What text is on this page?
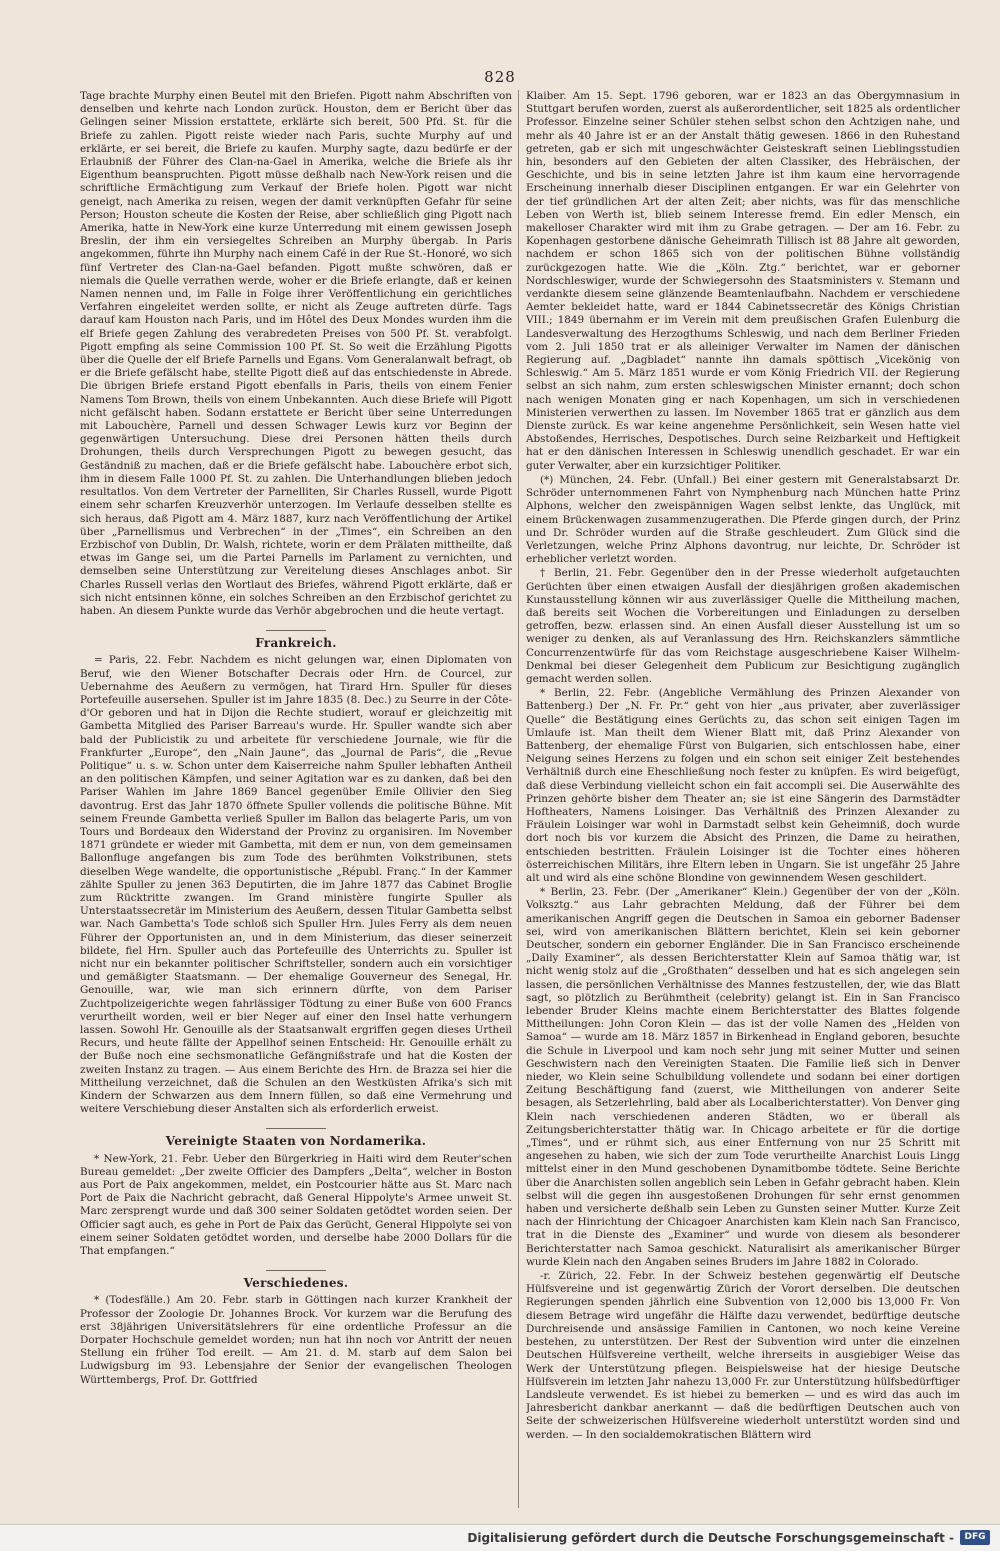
828

Tage brachte Murphy einen Beutel mit den Briefen. Pigott nahm Abschriften von denselben und kehrte nach London zurück. Houston, dem er Bericht über das Gelingen seiner Mission erstattete, erklärte sich bereit, 500 Pfd. St. für die Briefe zu zahlen. Pigott reiste wieder nach Paris, suchte Murphy auf und erklärte, er sei bereit, die Briefe zu kaufen. Murphy sagte, dazu bedürfe er der Erlaubniß der Führer des Clan-na-Gael in Amerika, welche die Briefe als ihr Eigenthum beanspruchten. Pigott müsse deßhalb nach New-York reisen und die schriftliche Ermächtigung zum Verkauf der Briefe holen. Pigott war nicht geneigt, nach Amerika zu reisen, wegen der damit verknüpften Gefahr für seine Person; Houston scheute die Kosten der Reise, aber schließlich ging Pigott nach Amerika, hatte in New-York eine kurze Unterredung mit einem gewissen Joseph Breslin, der ihm ein versiegeltes Schreiben an Murphy übergab. In Paris angekommen, führte ihn Murphy nach einem Café in der Rue St.-Honoré, wo sich fünf Vertreter des Clan-na-Gael befanden. Pigott mußte schwören, daß er niemals die Quelle verrathen werde, woher er die Briefe erlangte, daß er keinen Namen nennen und, im Falle in Folge ihrer Veröffentlichung ein gerichtliches Verfahren eingeleitet werden sollte, er nicht als Zeuge auftreten dürfe. Tags darauf kam Houston nach Paris, und im Hôtel des Deux Mondes wurden ihm die elf Briefe gegen Zahlung des verabredeten Preises von 500 Pf. St. verabfolgt. Pigott empfing als seine Commission 100 Pf. St. So weit die Erzählung Pigotts über die Quelle der elf Briefe Parnells und Egans. Vom Generalanwalt befragt, ob er die Briefe gefälscht habe, stellte Pigott dieß auf das entschiedenste in Abrede. Die übrigen Briefe erstand Pigott ebenfalls in Paris, theils von einem Fenier Namens Tom Brown, theils von einem Unbekannten. Auch diese Briefe will Pigott nicht gefälscht haben. Sodann erstattete er Bericht über seine Unterredungen mit Labouchère, Parnell und dessen Schwager Lewis kurz vor Beginn der gegenwärtigen Untersuchung. Diese drei Personen hätten theils durch Drohungen, theils durch Versprechungen Pigott zu bewegen gesucht, das Geständniß zu machen, daß er die Briefe gefälscht habe. Labouchère erbot sich, ihm in diesem Falle 1000 Pf. St. zu zahlen. Die Unterhandlungen blieben jedoch resultatlos. Von dem Vertreter der Parnelliten, Sir Charles Russell, wurde Pigott einem sehr scharfen Kreuzverhör unterzogen. Im Verlaufe desselben stellte es sich heraus, daß Pigott am 4. März 1887, kurz nach Veröffentlichung der Artikel über „Parnellismus und Verbrechen“ in der „Times“, ein Schreiben an den Erzbischof von Dublin, Dr. Walsh, richtete, worin er dem Prälaten mittheilte, daß etwas im Gange sei, um die Partei Parnells im Parlament zu vernichten, und demselben seine Unterstützung zur Vereitelung dieses Anschlages anbot. Sir Charles Russell verlas den Wortlaut des Briefes, während Pigott erklärte, daß er sich nicht entsinnen könne, ein solches Schreiben an den Erzbischof gerichtet zu haben. An diesem Punkte wurde das Verhör abgebrochen und die heute vertagt.

Frankreich.

= Paris, 22. Febr. Nachdem es nicht gelungen war, einen Diplomaten von Beruf, wie den Wiener Botschafter Decrais oder Hrn. de Courcel, zur Uebernahme des Aeußern zu vermögen, hat Tirard Hrn. Spuller für dieses Portefeuille ausersehen. Spuller ist im Jahre 1835 (8. Dec.) zu Seurre in der Côte-d'Or geboren und hat in Dijon die Rechte studiert, worauf er gleichzeitig mit Gambetta Mitglied des Pariser Barreau's wurde. Hr. Spuller wandte sich aber bald der Publicistik zu und arbeitete für verschiedene Journale, wie für die Frankfurter „Europe“, den „Nain Jaune“, das „Journal de Paris“, die „Revue Politique“ u. s. w. Schon unter dem Kaiserreiche nahm Spuller lebhaften Antheil an den politischen Kämpfen, und seiner Agitation war es zu danken, daß bei den Pariser Wahlen im Jahre 1869 Bancel gegenüber Emile Ollivier den Sieg davontrug. Erst das Jahr 1870 öffnete Spuller vollends die politische Bühne. Mit seinem Freunde Gambetta verließ Spuller im Ballon das belagerte Paris, um von Tours und Bordeaux den Widerstand der Provinz zu organisiren. Im November 1871 gründete er wieder mit Gambetta, mit dem er nun, von dem gemeinsamen Ballonfluge angefangen bis zum Tode des berühmten Volkstribunen, stets dieselben Wege wandelte, die opportunistische „Républ. Franç.“ In der Kammer zählte Spuller zu jenen 363 Deputirten, die im Jahre 1877 das Cabinet Broglie zum Rücktritte zwangen. Im Grand ministère fungirte Spuller als Unterstaatssecretär im Ministerium des Aeußern, dessen Titular Gambetta selbst war. Nach Gambetta's Tode schloß sich Spuller Hrn. Jules Ferry als dem neuen Führer der Opportunisten an, und in dem Ministerium, das dieser seinerzeit bildete, fiel Hrn. Spuller auch das Portefeuille des Unterrichts zu. Spuller ist nicht nur ein bekannter politischer Schriftsteller, sondern auch ein vorsichtiger und gemäßigter Staatsmann. — Der ehemalige Gouverneur des Senegal, Hr. Genouille, war, wie man sich erinnern dürfte, von dem Pariser Zuchtpolizeigerichte wegen fahrlässiger Tödtung zu einer Buße von 600 Francs verurtheilt worden, weil er bier Neger auf einer den Insel hatte verhungern lassen. Sowohl Hr. Genouille als der Staatsanwalt ergriffen gegen dieses Urtheil Recurs, und heute fällte der Appellhof seinen Entscheid: Hr. Genouille erhält zu der Buße noch eine sechsmonatliche Gefängnißstrafe und hat die Kosten der zweiten Instanz zu tragen. — Aus einem Berichte des Hrn. de Brazza sei hier die Mittheilung verzeichnet, daß die Schulen an den Westküsten Afrika's sich mit Kindern der Schwarzen aus dem Innern füllen, so daß eine Vermehrung und weitere Verschiebung dieser Anstalten sich als erforderlich erweist.

Vereinigte Staaten von Nordamerika.

* New-York, 21. Febr. Ueber den Bürgerkrieg in Haiti wird dem Reuter'schen Bureau gemeldet: „Der zweite Officier des Dampfers „Delta“, welcher in Boston aus Port de Paix angekommen, meldet, ein Postcourier hätte aus St. Marc nach Port de Paix die Nachricht gebracht, daß General Hippolyte's Armee unweit St. Marc zersprengt wurde und daß 300 seiner Soldaten getödtet worden seien. Der Officier sagt auch, es gehe in Port de Paix das Gerücht, General Hippolyte sei von einem seiner Soldaten getödtet worden, und derselbe habe 2000 Dollars für die That empfangen.“

Verschiedenes.

* (Todesfälle.) Am 20. Febr. starb in Göttingen nach kurzer Krankheit der Professor der Zoologie Dr. Johannes Brock. Vor kurzem war die Berufung des erst 38jährigen Universitätslehrers für eine ordentliche Professur an die Dorpater Hochschule gemeldet worden; nun hat ihn noch vor Antritt der neuen Stellung ein früher Tod ereilt. — Am 21. d. M. starb auf dem Salon bei Ludwigsburg im 93. Lebensjahre der Senior der evangelischen Theologen Württembergs, Prof. Dr. Gottfried

Klaiber. Am 15. Sept. 1796 geboren, war er 1823 an das Obergymnasium in Stuttgart berufen worden, zuerst als außerordentlicher, seit 1825 als ordentlicher Professor. Einzelne seiner Schüler stehen selbst schon den Achtzigen nahe, und mehr als 40 Jahre ist er an der Anstalt thätig gewesen. 1866 in den Ruhestand getreten, gab er sich mit ungeschwächter Geisteskraft seinen Lieblingsstudien hin, besonders auf den Gebieten der alten Classiker, des Hebräischen, der Geschichte, und bis in seine letzten Jahre ist ihm kaum eine hervorragende Erscheinung innerhalb dieser Disciplinen entgangen. Er war ein Gelehrter von der tief gründlichen Art der alten Zeit; aber nichts, was für das menschliche Leben von Werth ist, blieb seinem Interesse fremd. Ein edler Mensch, ein makelloser Charakter wird mit ihm zu Grabe getragen. — Der am 16. Febr. zu Kopenhagen gestorbene dänische Geheimrath Tillisch ist 88 Jahre alt geworden, nachdem er schon 1865 sich von der politischen Bühne vollständig zurückgezogen hatte. Wie die „Köln. Ztg.“ berichtet, war er geborner Nordschleswiger, wurde der Schwiegersohn des Staatsministers v. Stemann und verdankte diesem seine glänzende Beamtenlaufbahn. Nachdem er verschiedene Aemter bekleidet hatte, ward er 1844 Cabinetssecretär des Königs Christian VIII.; 1849 übernahm er im Verein mit dem preußischen Grafen Eulenburg die Landesverwaltung des Herzogthums Schleswig, und nach dem Berliner Frieden vom 2. Juli 1850 trat er als alleiniger Verwalter im Namen der dänischen Regierung auf. „Dagbladet“ nannte ihn damals spöttisch „Vicekönig von Schleswig.“ Am 5. März 1851 wurde er vom König Friedrich VII. der Regierung selbst an sich nahm, zum ersten schleswigschen Minister ernannt; doch schon nach wenigen Monaten ging er nach Kopenhagen, um sich in verschiedenen Ministerien verwerthen zu lassen. Im November 1865 trat er gänzlich aus dem Dienste zurück. Es war keine angenehme Persönlichkeit, sein Wesen hatte viel Abstoßendes, Herrisches, Despotisches. Durch seine Reizbarkeit und Heftigkeit hat er den dänischen Interessen in Schleswig unendlich geschadet. Er war ein guter Verwalter, aber ein kurzsichtiger Politiker.

(*) München, 24. Febr. (Unfall.) Bei einer gestern mit Generalstabsarzt Dr. Schröder unternommenen Fahrt von Nymphenburg nach München hatte Prinz Alphons, welcher den zweispännigen Wagen selbst lenkte, das Unglück, mit einem Brückenwagen zusammenzugerathen. Die Pferde gingen durch, der Prinz und Dr. Schröder wurden auf die Straße geschleudert. Zum Glück sind die Verletzungen, welche Prinz Alphons davontrug, nur leichte, Dr. Schröder ist erheblicher verletzt worden.

† Berlin, 21. Febr. Gegenüber den in der Presse wiederholt aufgetauchten Gerüchten über einen etwaigen Ausfall der diesjährigen großen akademischen Kunstausstellung können wir aus zuverlässiger Quelle die Mittheilung machen, daß bereits seit Wochen die Vorbereitungen und Einladungen zu derselben getroffen, bezw. erlassen sind. An einen Ausfall dieser Ausstellung ist um so weniger zu denken, als auf Veranlassung des Hrn. Reichskanzlers sämmtliche Concurrenzentwürfe für das vom Reichstage ausgeschriebene Kaiser Wilhelm-Denkmal bei dieser Gelegenheit dem Publicum zur Besichtigung zugänglich gemacht werden sollen.

* Berlin, 22. Febr. (Angebliche Vermählung des Prinzen Alexander von Battenberg.) Der „N. Fr. Pr.“ geht von hier „aus privater, aber zuverlässiger Quelle“ die Bestätigung eines Gerüchts zu, das schon seit einigen Tagen im Umlaufe ist. Man theilt dem Wiener Blatt mit, daß Prinz Alexander von Battenberg, der ehemalige Fürst von Bulgarien, sich entschlossen habe, einer Neigung seines Herzens zu folgen und ein schon seit einiger Zeit bestehendes Verhältniß durch eine Eheschließung noch fester zu knüpfen. Es wird beigefügt, daß diese Verbindung vielleicht schon ein fait accompli sei. Die Auserwählte des Prinzen gehörte bisher dem Theater an; sie ist eine Sängerin des Darmstädter Hoftheaters, Namens Loisinger. Das Verhältniß des Prinzen Alexander zu Fräulein Loisinger war wohl in Darmstadt selbst kein Geheimniß, doch wurde dort noch bis vor kurzem die Absicht des Prinzen, die Dame zu heirathen, entschieden bestritten. Fräulein Loisinger ist die Tochter eines höheren österreichischen Militärs, ihre Eltern leben in Ungarn. Sie ist ungefähr 25 Jahre alt und wird als eine schöne Blondine von gewinnendem Wesen geschildert.

* Berlin, 23. Febr. (Der „Amerikaner“ Klein.) Gegenüber der von der „Köln. Volksztg.“ aus Lahr gebrachten Meldung, daß der Führer bei dem amerikanischen Angriff gegen die Deutschen in Samoa ein geborner Badenser sei, wird von amerikanischen Blättern berichtet, Klein sei kein geborner Deutscher, sondern ein geborner Engländer. Die in San Francisco erscheinende „Daily Examiner“, als dessen Berichterstatter Klein auf Samoa thätig war, ist nicht wenig stolz auf die „Großthaten“ desselben und hat es sich angelegen sein lassen, die persönlichen Verhältnisse des Mannes festzustellen, der, wie das Blatt sagt, so plötzlich zu Berühmtheit (celebrity) gelangt ist. Ein in San Francisco lebender Bruder Kleins machte einem Berichterstatter des Blattes folgende Mittheilungen: John Coron Klein — das ist der volle Namen des „Helden von Samoa“ — wurde am 18. März 1857 in Birkenhead in England geboren, besuchte die Schule in Liverpool und kam noch sehr jung mit seiner Mutter und seinen Geschwistern nach den Vereinigten Staaten. Die Familie ließ sich in Denver nieder, wo Klein seine Schulbildung vollendete und sodann bei einer dortigen Zeitung Beschäftigung fand (zuerst, wie Mittheilungen von anderer Seite besagen, als Setzerlehrling, bald aber als Localberichterstatter). Von Denver ging Klein nach verschiedenen anderen Städten, wo er überall als Zeitungsberichterstatter thätig war. In Chicago arbeitete er für die dortige „Times“, und er rühmt sich, aus einer Entfernung von nur 25 Schritt mit angesehen zu haben, wie sich der zum Tode verurtheilte Anarchist Louis Lingg mittelst einer in den Mund geschobenen Dynamitbombe tödtete. Seine Berichte über die Anarchisten sollen angeblich sein Leben in Gefahr gebracht haben. Klein selbst will die gegen ihn ausgestoßenen Drohungen für sehr ernst genommen haben und versicherte deßhalb sein Leben zu Gunsten seiner Mutter. Kurze Zeit nach der Hinrichtung der Chicagoer Anarchisten kam Klein nach San Francisco, trat in die Dienste des „Examiner“ und wurde von diesem als besonderer Berichterstatter nach Samoa geschickt. Naturalisirt als amerikanischer Bürger wurde Klein nach den Angaben seines Bruders im Jahre 1882 in Colorado.

-r. Zürich, 22. Febr. In der Schweiz bestehen gegenwärtig elf Deutsche Hülfsvereine und ist gegenwärtig Zürich der Vorort derselben. Die deutschen Regierungen spenden jährlich eine Subvention von 12,000 bis 13,000 Fr. Von diesem Betrage wird ungefähr die Hälfte dazu verwendet, bedürftige deutsche Durchreisende und ansässige Familien in Cantonen, wo noch keine Vereine bestehen, zu unterstützen. Der Rest der Subvention wird unter die einzelnen Deutschen Hülfsvereine vertheilt, welche ihrerseits in ausgiebiger Weise das Werk der Unterstützung pflegen. Beispielsweise hat der hiesige Deutsche Hülfsverein im letzten Jahr nahezu 13,000 Fr. zur Unterstützung hülfsbedürftiger Landsleute verwendet. Es ist hiebei zu bemerken — und es wird das auch im Jahresbericht dankbar anerkannt — daß die bedürftigen Deutschen auch von Seite der schweizerischen Hülfsvereine wiederholt unterstützt worden sind und werden. — In den socialdemokratischen Blättern wird

Digitalisierung gefördert durch die Deutsche Forschungsgemeinschaft -	DFG
